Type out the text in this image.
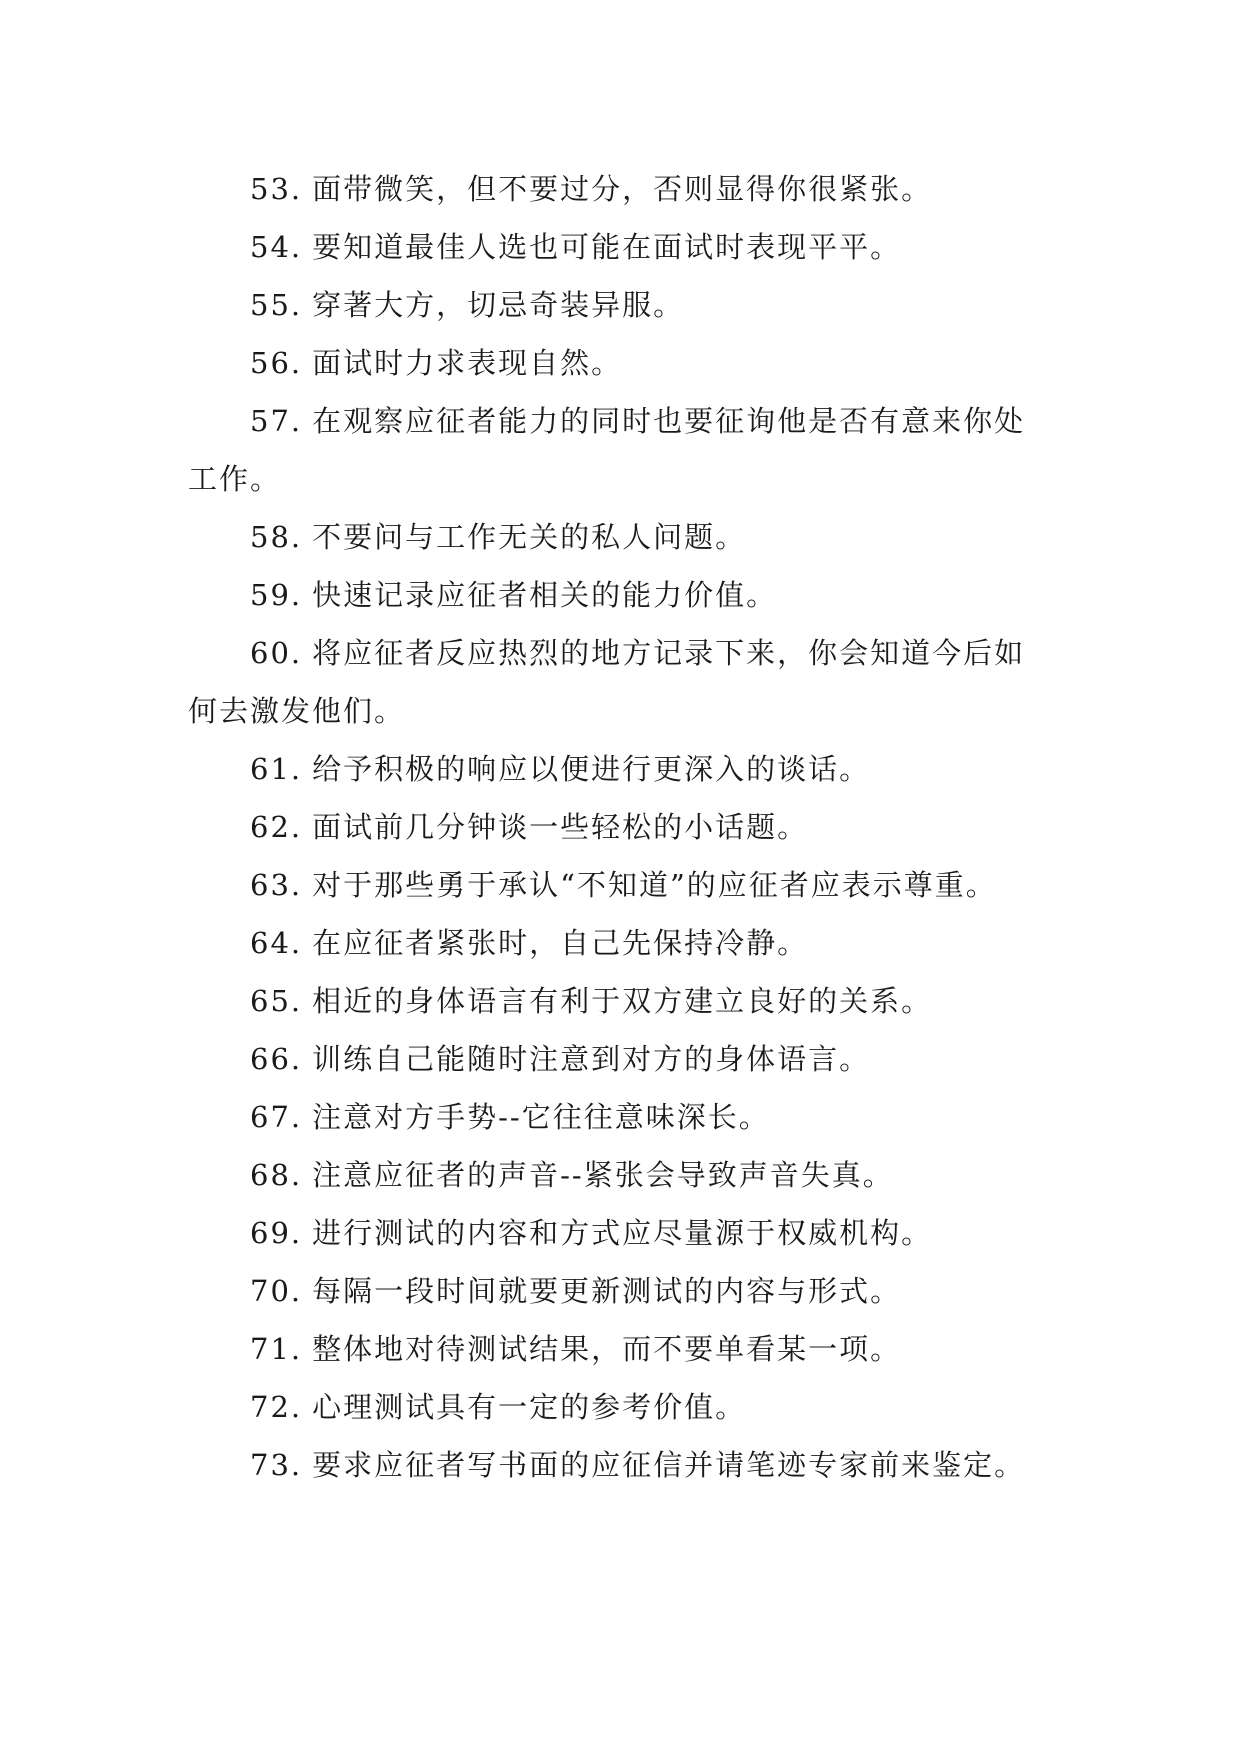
53. 面带微笑，但不要过分，否则显得你很紧张。

54. 要知道最佳人选也可能在面试时表现平平。

55. 穿著大方，切忌奇装异服。

56. 面试时力求表现自然。

57. 在观察应征者能力的同时也要征询他是否有意来你处工作。

58. 不要问与工作无关的私人问题。

59. 快速记录应征者相关的能力价值。

60. 将应征者反应热烈的地方记录下来，你会知道今后如何去激发他们。

61. 给予积极的响应以便进行更深入的谈话。

62. 面试前几分钟谈一些轻松的小话题。

63. 对于那些勇于承认“不知道”的应征者应表示尊重。

64. 在应征者紧张时，自己先保持冷静。

65. 相近的身体语言有利于双方建立良好的关系。

66. 训练自己能随时注意到对方的身体语言。

67. 注意对方手势--它往往意味深长。

68. 注意应征者的声音--紧张会导致声音失真。

69. 进行测试的内容和方式应尽量源于权威机构。

70. 每隔一段时间就要更新测试的内容与形式。

71. 整体地对待测试结果，而不要单看某一项。

72. 心理测试具有一定的参考价值。

73. 要求应征者写书面的应征信并请笔迹专家前来鉴定。
